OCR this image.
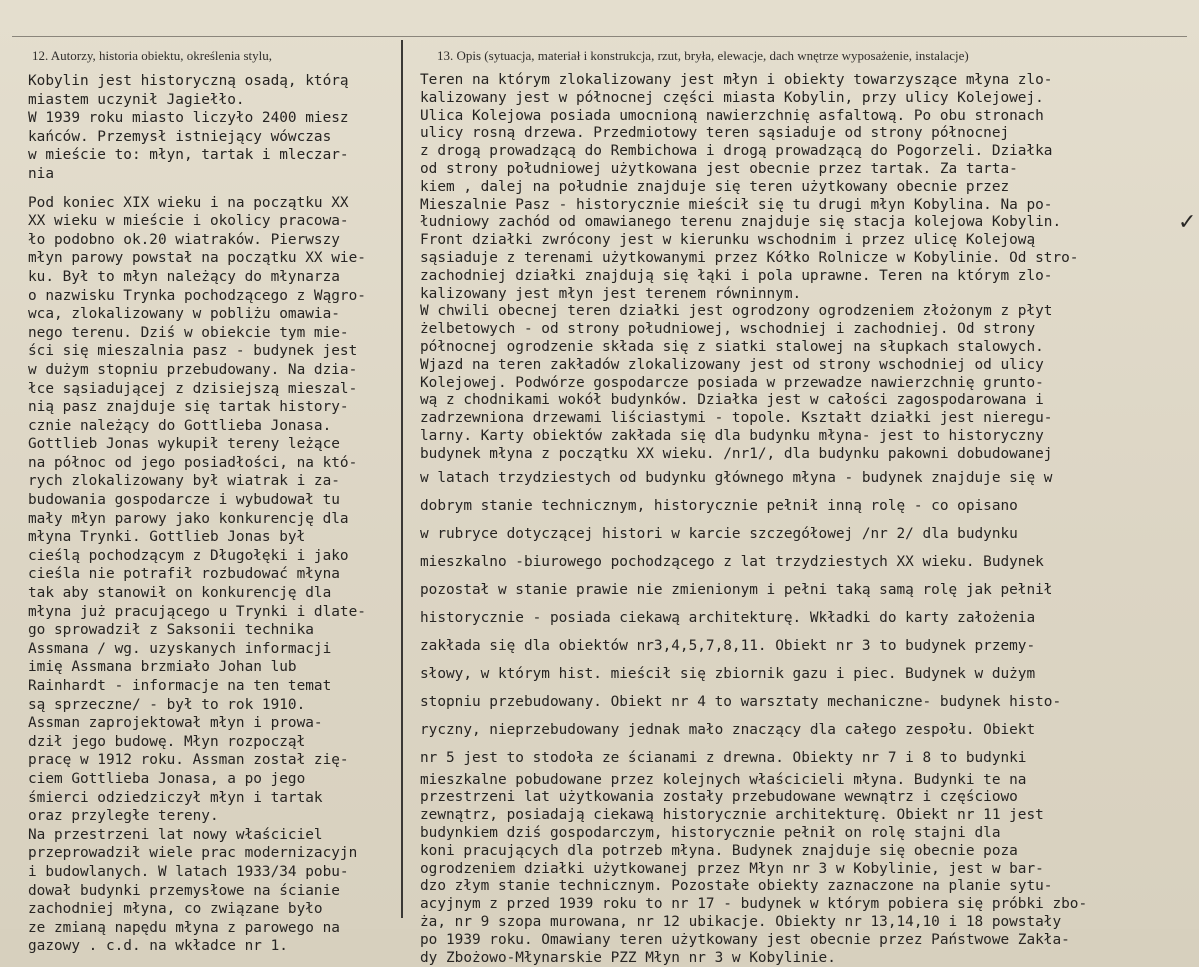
12. Autorzy, historia obiektu, określenia stylu,	13. Opis (sytuacja, materiał i konstrukcja, rzut, bryła, elewacje, dach wnętrze wyposażenie, instalacje)
Kobylin jest historyczną osadą, którą
miastem uczynił Jagiełło.
W 1939 roku miasto liczyło 2400 miesz
kańców. Przemysł istniejący wówczas
w mieście to: młyn, tartak i mleczar-
nia
Pod koniec XIX wieku i na początku XX
XX wieku w mieście i okolicy pracowa-
ło podobno ok.20 wiatraków. Pierwszy
młyn parowy powstał na początku XX wie-
ku. Był to młyn należący do młynarza
o nazwisku Trynka pochodzącego z Wągro-
wca, zlokalizowany w pobliżu omawia-
nego terenu. Dziś w obiekcie tym mie-
ści się mieszalnia pasz - budynek jest
w dużym stopniu przebudowany. Na dzia-
łce sąsiadującej z dzisiejszą mieszal-
nią pasz znajduje się tartak history-
cznie należący do Gottlieba Jonasa.
Gottlieb Jonas wykupił tereny leżące
na północ od jego posiadłości, na któ-
rych zlokalizowany był wiatrak i za-
budowania gospodarcze i wybudował tu
mały młyn parowy jako konkurencję dla
młyna Trynki. Gottlieb Jonas był
cieślą pochodzącym z Długołęki i jako
cieśla nie potrafił rozbudować młyna
tak aby stanowił on konkurencję dla
młyna już pracującego u Trynki i dlate-
go sprowadził z Saksonii technika
Assmana / wg. uzyskanych informacji
imię Assmana brzmiało Johan lub
Rainhardt - informacje na ten temat
są sprzeczne/ - był to rok 1910.
Assman zaprojektował młyn i prowa-
dził jego budowę. Młyn rozpoczął
pracę w 1912 roku. Assman został zię-
ciem Gottlieba Jonasa, a po jego
śmierci odziedziczył młyn i tartak
oraz przyległe tereny.
Na przestrzeni lat nowy właściciel
przeprowadził wiele prac modernizacyjn
i budowlanych. W latach 1933/34 pobu-
dował budynki przemysłowe na ścianie
zachodniej młyna, co związane było
ze zmianą napędu młyna z parowego na
gazowy . c.d. na wkładce nr 1.
Teren na którym zlokalizowany jest młyn i obiekty towarzyszące młyna zlo-
kalizowany jest w północnej części miasta Kobylin, przy ulicy Kolejowej.
Ulica Kolejowa posiada umocnioną nawierzchnię asfaltową. Po obu stronach
ulicy rosną drzewa. Przedmiotowy teren sąsiaduje od strony północnej
z drogą prowadzącą do Rembichowa i drogą prowadzącą do Pogorzeli. Działka
od strony południowej użytkowana jest obecnie przez tartak. Za tarta-
kiem , dalej na południe znajduje się teren użytkowany obecnie przez
Mieszalnie Pasz - historycznie mieścił się tu drugi młyn Kobylina. Na po-
łudniowy zachód od omawianego terenu znajduje się stacja kolejowa Kobylin.
Front działki zwrócony jest w kierunku wschodnim i przez ulicę Kolejową
sąsiaduje z terenami użytkowanymi przez Kółko Rolnicze w Kobylinie. Od stro-
zachodniej działki znajdują się łąki i pola uprawne. Teren na którym zlo-
kalizowany jest młyn jest terenem równinnym.
W chwili obecnej teren działki jest ogrodzony ogrodzeniem złożonym z płyt
żelbetowych - od strony południowej, wschodniej i zachodniej. Od strony
północnej ogrodzenie składa się z siatki stalowej na słupkach stalowych.
Wjazd na teren zakładów zlokalizowany jest od strony wschodniej od ulicy
Kolejowej. Podwórze gospodarcze posiada w przewadze nawierzchnię grunto-
wą z chodnikami wokół budynków. Działka jest w całości zagospodarowana i
zadrzewniona drzewami liściastymi - topole. Kształt działki jest nieregu-
larny. Karty obiektów zakłada się dla budynku młyna- jest to historyczny
budynek młyna z początku XX wieku. /nr1/, dla budynku pakowni dobudowanej
w latach trzydziestych od budynku głównego młyna - budynek znajduje się w
dobrym stanie technicznym, historycznie pełnił inną rolę - co opisano
w rubryce dotyczącej histori w karcie szczegółowej /nr 2/ dla budynku
mieszkalno -biurowego pochodzącego z lat trzydziestych XX wieku. Budynek
pozostał w stanie prawie nie zmienionym i pełni taką samą rolę jak pełnił
historycznie - posiada ciekawą architekturę. Wkładki do karty założenia
zakłada się dla obiektów nr3,4,5,7,8,11. Obiekt nr 3 to budynek przemy-
słowy, w którym hist. mieścił się zbiornik gazu i piec. Budynek w dużym
stopniu przebudowany. Obiekt nr 4 to warsztaty mechaniczne- budynek histo-
ryczny, nieprzebudowany jednak mało znaczący dla całego zespołu. Obiekt
nr 5 jest to stodoła ze ścianami z drewna. Obiekty nr 7 i 8 to budynki
mieszkalne pobudowane przez kolejnych właścicieli młyna. Budynki te na
przestrzeni lat użytkowania zostały przebudowane wewnątrz i częściowo
zewnątrz, posiadają ciekawą historycznie architekturę. Obiekt nr 11 jest
budynkiem dziś gospodarczym, historycznie pełnił on rolę stajni dla
koni pracujących dla potrzeb młyna. Budynek znajduje się obecnie poza
ogrodzeniem działki użytkowanej przez Młyn nr 3 w Kobylinie, jest w bar-
dzo złym stanie technicznym. Pozostałe obiekty zaznaczone na planie sytu-
acyjnym z przed 1939 roku to nr 17 - budynek w którym pobiera się próbki zbo-
ża, nr 9 szopa murowana, nr 12 ubikacje. Obiekty nr 13,14,10 i 18 powstały
po 1939 roku. Omawiany teren użytkowany jest obecnie przez Państwowe Zakła-
dy Zbożowo-Młynarskie PZZ Młyn nr 3 w Kobylinie.
✓
